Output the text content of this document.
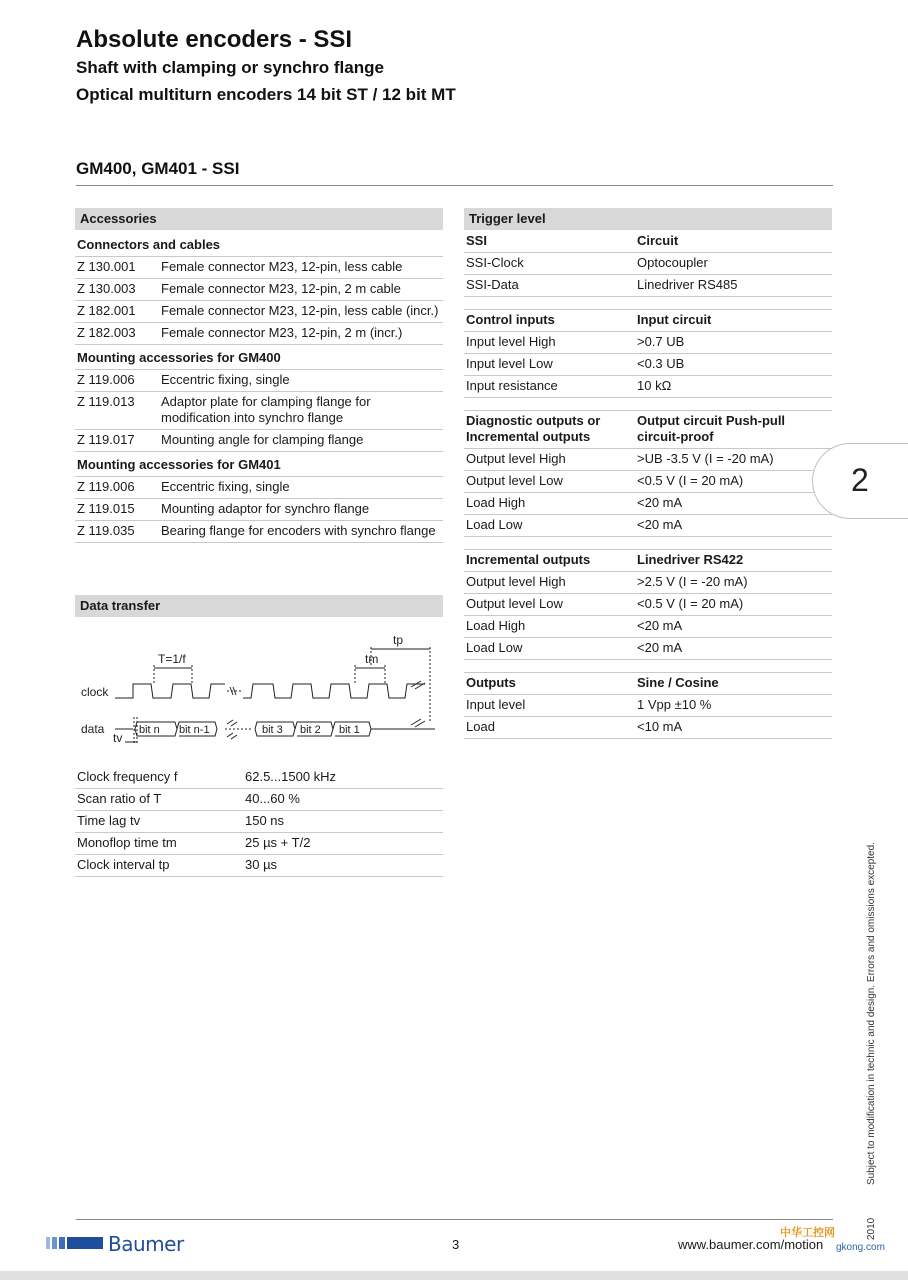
Absolute encoders - SSI
Shaft with clamping or synchro flange
Optical multiturn encoders 14 bit ST / 12 bit MT
GM400, GM401 - SSI
Accessories
Connectors and cables	
Z 130.001	Female connector M23, 12-pin, less cable
Z 130.003	Female connector M23, 12-pin, 2 m cable
Z 182.001	Female connector M23, 12-pin, less cable (incr.)
Z 182.003	Female connector M23, 12-pin, 2 m (incr.)
Mounting accessories for GM400	
Z 119.006	Eccentric fixing, single
Z 119.013	Adaptor plate for clamping flange for modification into synchro flange
Z 119.017	Mounting angle for clamping flange
Mounting accessories for GM401	
Z 119.006	Eccentric fixing, single
Z 119.015	Mounting adaptor for synchro flange
Z 119.035	Bearing flange for encoders with synchro flange
Data transfer
clock
data
T=1/f	tm
tp
tv
bit n bit n-1	bit 3 bit 2 bit 1
Clock frequency f	62.5...1500 kHz
Scan ratio of T	40...60 %
Time lag tv	150 ns
Monoflop time tm	25 µs + T/2
Clock interval tp	30 µs
Trigger level
SSI	Circuit
SSI-Clock	Optocoupler
SSI-Data	Linedriver RS485

Control inputs	Input circuit
Input level High	>0.7 UB
Input level Low	<0.3 UB
Input resistance	10 kΩ

Diagnostic outputs or Incremental outputs	Output circuit Push-pull circuit-proof
Output level High	>UB -3.5 V (I = -20 mA)
Output level Low	<0.5 V (I = 20 mA)
Load High	<20 mA
Load Low	<20 mA

Incremental outputs	Linedriver RS422
Output level High	>2.5 V (I = -20 mA)
Output level Low	<0.5 V (I = 20 mA)
Load High	<20 mA
Load Low	<20 mA

Outputs	Sine / Cosine
Input level	1 Vpp ±10 %
Load	<10 mA
2
Subject to modification in technic and design. Errors and omissions excepted.
2010
Baumer	3	www.baumer.com/motion
中华工控网
gkong.com
